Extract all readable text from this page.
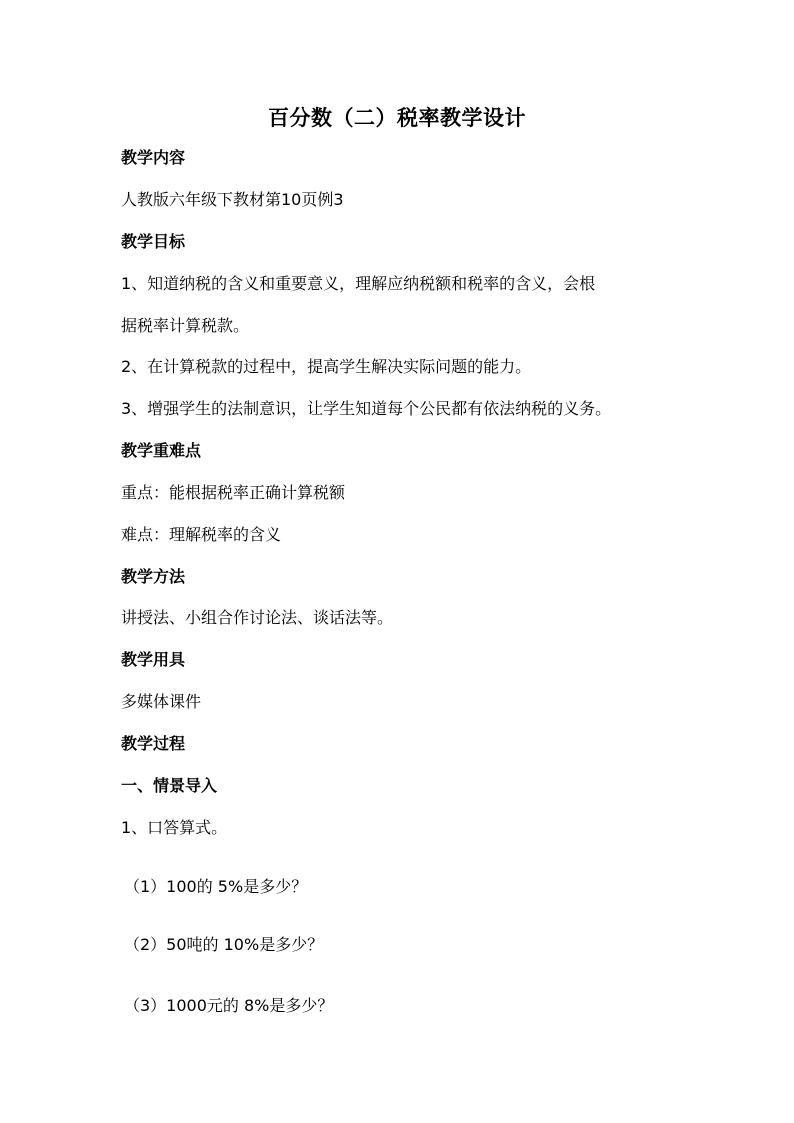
百分数（二）税率教学设计
教学内容
人教版六年级下教材第10页例3
教学目标
1、知道纳税的含义和重要意义，理解应纳税额和税率的含义，会根
据税率计算税款。
2、在计算税款的过程中，提高学生解决实际问题的能力。
3、增强学生的法制意识，让学生知道每个公民都有依法纳税的义务。
教学重难点
重点：能根据税率正确计算税额
难点：理解税率的含义
教学方法
讲授法、小组合作讨论法、谈话法等。
教学用具
多媒体课件
教学过程
一、情景导入
1、口答算式。
（1）100的 5%是多少？
（2）50吨的 10%是多少？
（3）1000元的 8%是多少？
